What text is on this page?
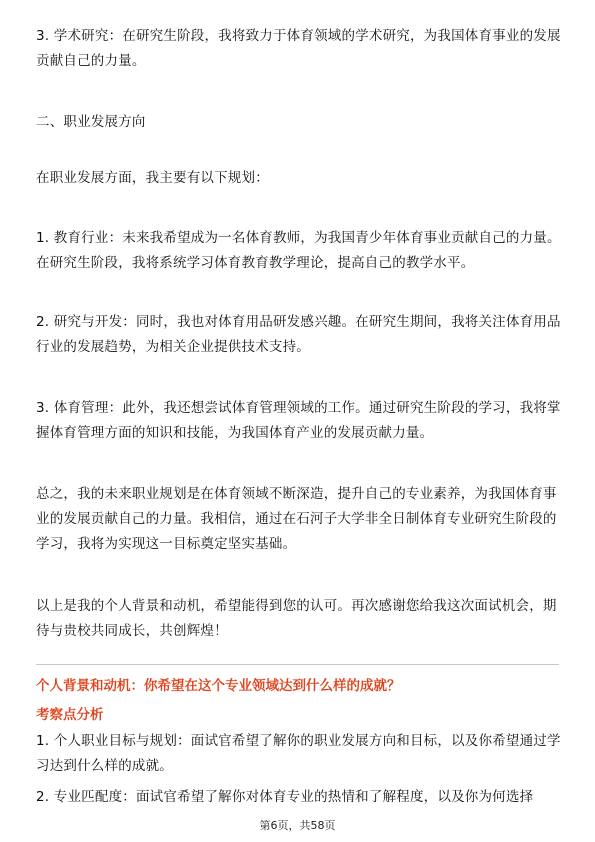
3. 学术研究：在研究生阶段，我将致力于体育领域的学术研究，为我国体育事业的发展贡献自己的力量。

二、职业发展方向

在职业发展方面，我主要有以下规划：

1. 教育行业：未来我希望成为一名体育教师，为我国青少年体育事业贡献自己的力量。在研究生阶段，我将系统学习体育教育教学理论，提高自己的教学水平。

2. 研究与开发：同时，我也对体育用品研发感兴趣。在研究生期间，我将关注体育用品行业的发展趋势，为相关企业提供技术支持。

3. 体育管理：此外，我还想尝试体育管理领域的工作。通过研究生阶段的学习，我将掌握体育管理方面的知识和技能，为我国体育产业的发展贡献力量。

总之，我的未来职业规划是在体育领域不断深造，提升自己的专业素养，为我国体育事业的发展贡献自己的力量。我相信，通过在石河子大学非全日制体育专业研究生阶段的学习，我将为实现这一目标奠定坚实基础。

以上是我的个人背景和动机，希望能得到您的认可。再次感谢您给我这次面试机会，期待与贵校共同成长，共创辉煌！

个人背景和动机：你希望在这个专业领域达到什么样的成就？

考察点分析

1. 个人职业目标与规划：面试官希望了解你的职业发展方向和目标，以及你希望通过学习达到什么样的成就。

2. 专业匹配度：面试官希望了解你对体育专业的热情和了解程度，以及你为何选择

第6页，共58页
